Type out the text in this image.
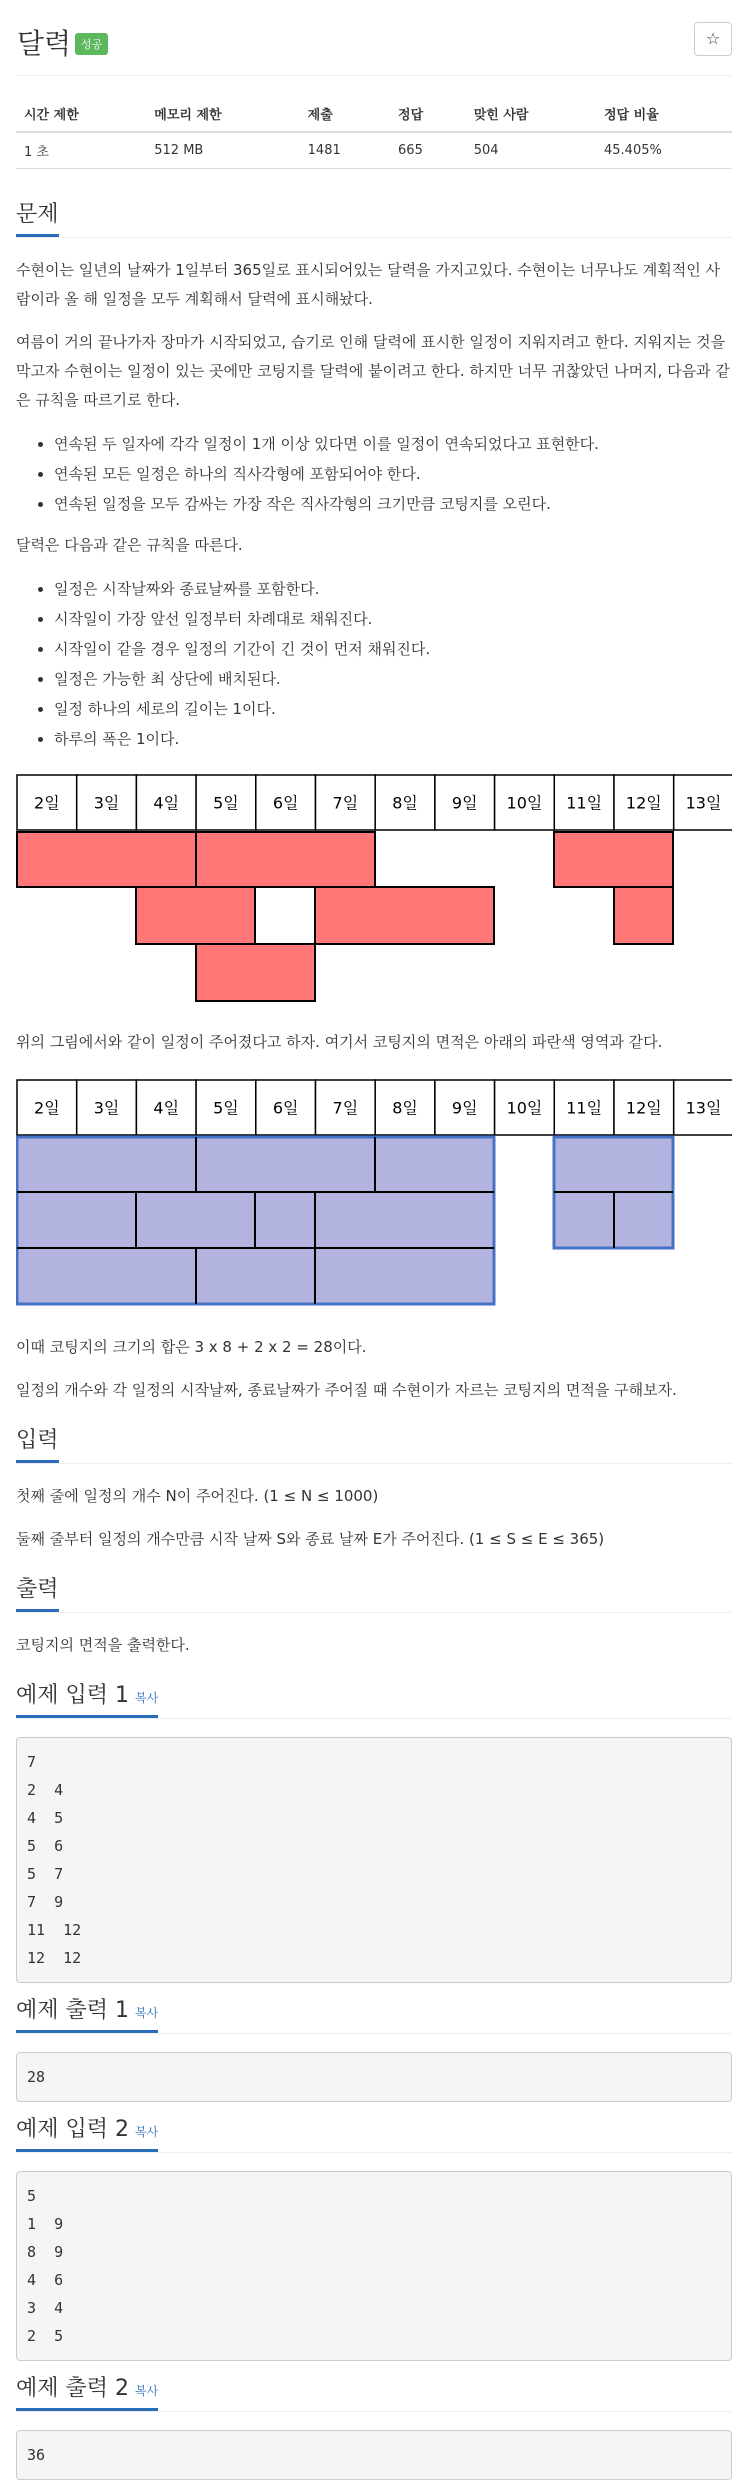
달력 성공	☆
시간 제한	메모리 제한	제출	정답	맞힌 사람	정답 비율
1 초	512 MB	1481	665	504	45.405%
문제

수현이는 일년의 날짜가 1일부터 365일로 표시되어있는 달력을 가지고있다. 수현이는 너무나도 계획적인 사람이라 올 해 일정을 모두 계획해서 달력에 표시해놨다.

여름이 거의 끝나가자 장마가 시작되었고, 습기로 인해 달력에 표시한 일정이 지워지려고 한다. 지워지는 것을 막고자 수현이는 일정이 있는 곳에만 코팅지를 달력에 붙이려고 한다. 하지만 너무 귀찮았던 나머지, 다음과 같은 규칙을 따르기로 한다.

• 연속된 두 일자에 각각 일정이 1개 이상 있다면 이를 일정이 연속되었다고 표현한다.
• 연속된 모든 일정은 하나의 직사각형에 포함되어야 한다.
• 연속된 일정을 모두 감싸는 가장 작은 직사각형의 크기만큼 코팅지를 오린다.

달력은 다음과 같은 규칙을 따른다.

• 일정은 시작날짜와 종료날짜를 포함한다.
• 시작일이 가장 앞선 일정부터 차례대로 채워진다.
• 시작일이 같을 경우 일정의 기간이 긴 것이 먼저 채워진다.
• 일정은 가능한 최 상단에 배치된다.
• 일정 하나의 세로의 길이는 1이다.
• 하루의 폭은 1이다.
2일 3일 4일 5일 6일 7일 8일 9일 10일 11일 12일 13일

위의 그림에서와 같이 일정이 주어졌다고 하자. 여기서 코팅지의 면적은 아래의 파란색 영역과 같다.

2일 3일 4일 5일 6일 7일 8일 9일 10일 11일 12일 13일

이때 코팅지의 크기의 합은 3 x 8 + 2 x 2 = 28이다.

일정의 개수와 각 일정의 시작날짜, 종료날짜가 주어질 때 수현이가 자르는 코팅지의 면적을 구해보자.

입력

첫째 줄에 일정의 개수 N이 주어진다. (1 ≤ N ≤ 1000)

둘째 줄부터 일정의 개수만큼 시작 날짜 S와 종료 날짜 E가 주어진다. (1 ≤ S ≤ E ≤ 365)

출력

코팅지의 면적을 출력한다.

예제 입력 1 복사
7
2  4
4  5
5  6
5  7
7  9
11  12
12  12
예제 출력 1 복사
28
예제 입력 2 복사
5
1  9
8  9
4  6
3  4
2  5
예제 출력 2 복사
36
